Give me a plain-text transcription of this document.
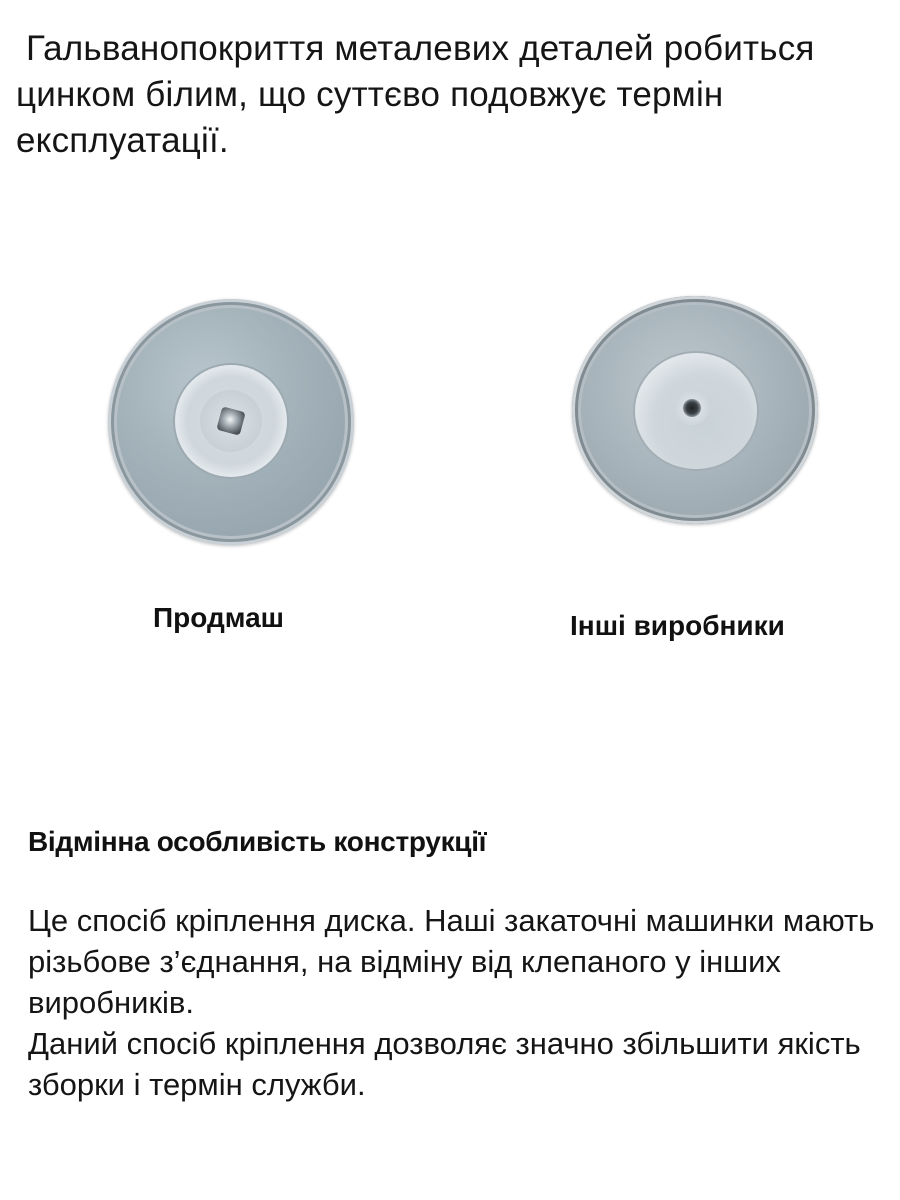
Гальванопокриття металевих деталей робиться цинком білим, що суттєво подовжує термін експлуатації.
Продмаш	Інші виробники
Відмінна особливість конструкції

Це спосіб кріплення диска. Наші закаточні машинки мають різьбове з’єднання, на відміну від клепаного у інших виробників.

Даний спосіб кріплення дозволяє значно збільшити якість зборки і термін служби.
